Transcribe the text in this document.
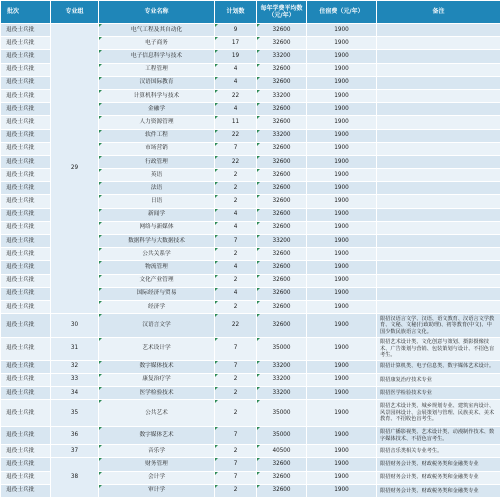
批次	专业组	专业名称	计划数	每年学费平均数（元/年）	住宿费（元/年）	备注
退役士兵批	29	电气工程及其自动化	9	32600	1900	
退役士兵批		电子商务	17	32600	1900	
退役士兵批		电子信息科学与技术	19	33200	1900	
退役士兵批		工程管理	4	32600	1900	
退役士兵批		汉语国际教育	4	32600	1900	
退役士兵批		计算机科学与技术	22	33200	1900	
退役士兵批		金融学	4	32600	1900	
退役士兵批		人力资源管理	11	32600	1900	
退役士兵批		软件工程	22	33200	1900	
退役士兵批		市场营销	7	32600	1900	
退役士兵批		行政管理	22	32600	1900	
退役士兵批		英语	2	32600	1900	
退役士兵批		法语	2	32600	1900	
退役士兵批		日语	2	32600	1900	
退役士兵批		新闻学	4	32600	1900	
退役士兵批		网络与新媒体	4	32600	1900	
退役士兵批		数据科学与大数据技术	7	33200	1900	
退役士兵批		公共关系学	2	32600	1900	
退役士兵批		物流管理	4	32600	1900	
退役士兵批		文化产业管理	2	32600	1900	
退役士兵批		国际经济与贸易	4	32600	1900	
退役士兵批		经济学	2	32600	1900	
退役士兵批	30	汉语言文学	22	32600	1900	限招汉语言文学、汉语、语文教育、汉语言文学教育、文秘、文秘(行政助理)、初等教育(中文)、中国少数民族语言文化。
退役士兵批	31	艺术设计学	7	35000	1900	限招艺术设计类、文化创意与策划、摄影摄像技术、广告策划与营销、包装策划与设计、不招色盲考生。
退役士兵批	32	数字媒体技术	7	33200	1900	限招计算机类、电子信息类、数字媒体艺术设计。
退役士兵批	33	康复治疗学	2	33200	1900	限招康复治疗技术专业
退役士兵批	34	医学检验技术	2	33200	1900	限招医学检验技术专业
退役士兵批	35	公共艺术	2	35000	1900	限招艺术设计类、城乡规划专业、建筑室内设计、风景园林设计、会展策划与管理、民族美术、美术教育、不招收色盲考生。
退役士兵批	36	数字媒体艺术	7	35000	1900	限招广播影视类、艺术设计类、动漫制作技术、数字媒体技术、不招色盲考生。
退役士兵批	37	音乐学	2	40500	1900	限招音乐类相关专业考生。
退役士兵批	38	财务管理	7	32600	1900	限招财务会计类、财政税务类和金融类专业
退役士兵批		会计学	7	32600	1900	限招财务会计类、财政税务类和金融类专业
退役士兵批		审计学	2	32600	1900	限招财务会计类、财政税务类和金融类专业
